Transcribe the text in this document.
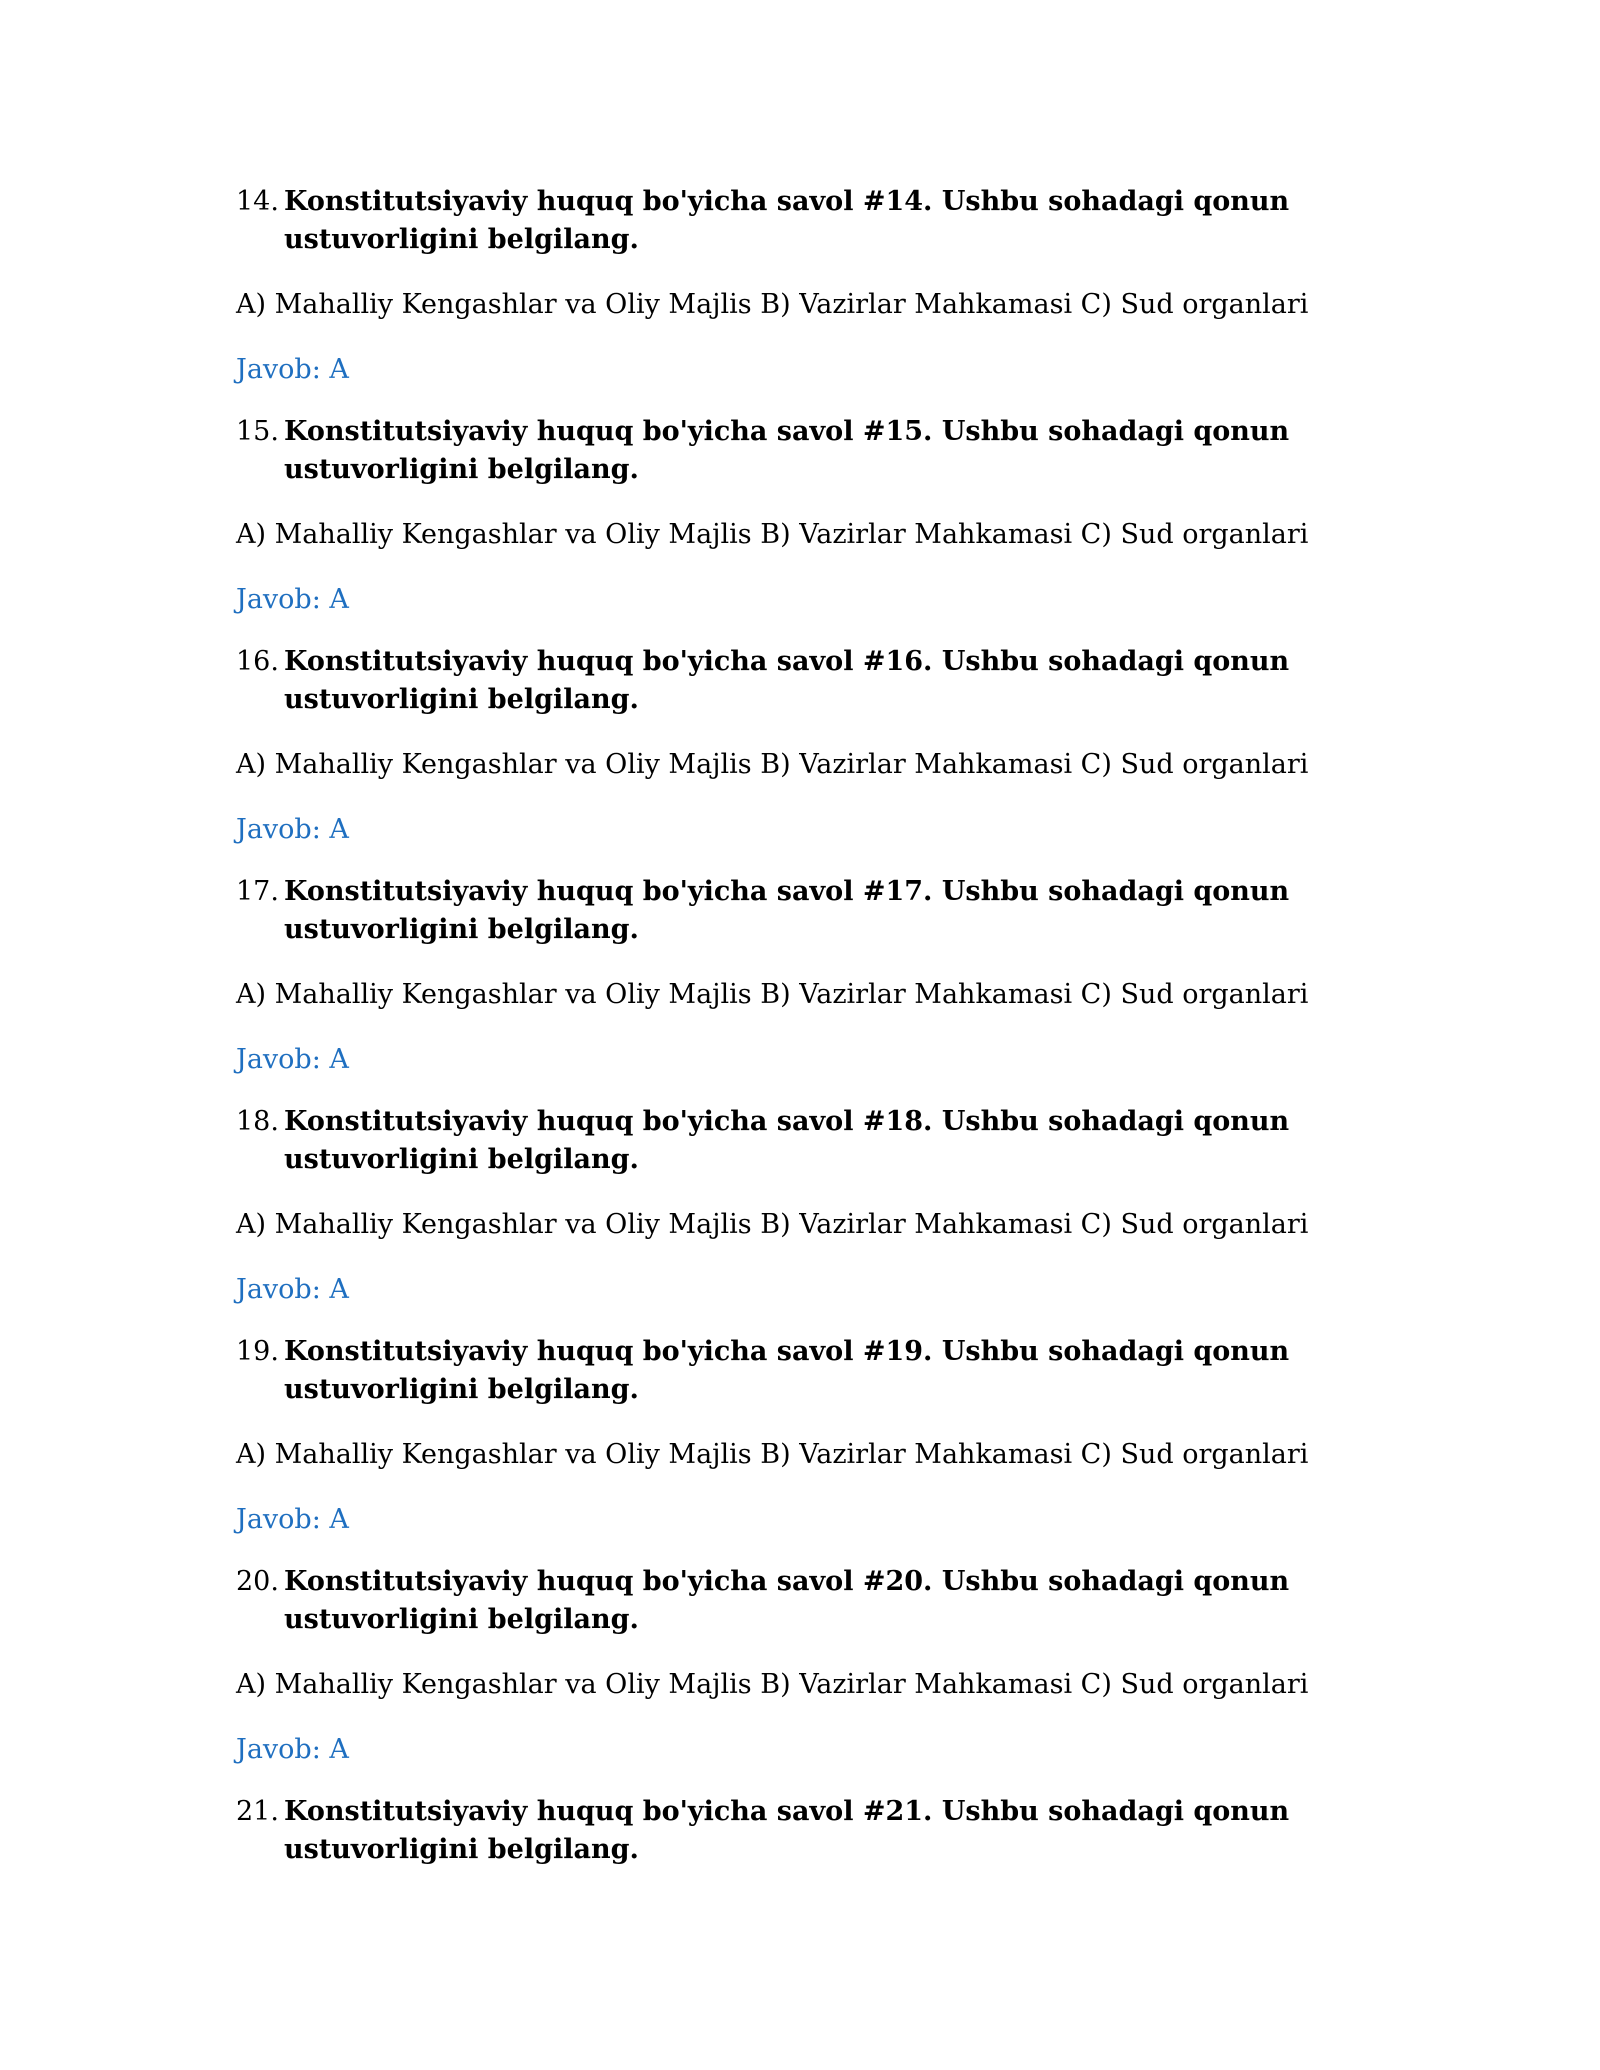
14. Konstitutsiyaviy huquq bo'yicha savol #14. Ushbu sohadagi qonun ustuvorligini belgilang.
A) Mahalliy Kengashlar va Oliy Majlis B) Vazirlar Mahkamasi C) Sud organlari
Javob: A
15. Konstitutsiyaviy huquq bo'yicha savol #15. Ushbu sohadagi qonun ustuvorligini belgilang.
A) Mahalliy Kengashlar va Oliy Majlis B) Vazirlar Mahkamasi C) Sud organlari
Javob: A
16. Konstitutsiyaviy huquq bo'yicha savol #16. Ushbu sohadagi qonun ustuvorligini belgilang.
A) Mahalliy Kengashlar va Oliy Majlis B) Vazirlar Mahkamasi C) Sud organlari
Javob: A
17. Konstitutsiyaviy huquq bo'yicha savol #17. Ushbu sohadagi qonun ustuvorligini belgilang.
A) Mahalliy Kengashlar va Oliy Majlis B) Vazirlar Mahkamasi C) Sud organlari
Javob: A
18. Konstitutsiyaviy huquq bo'yicha savol #18. Ushbu sohadagi qonun ustuvorligini belgilang.
A) Mahalliy Kengashlar va Oliy Majlis B) Vazirlar Mahkamasi C) Sud organlari
Javob: A
19. Konstitutsiyaviy huquq bo'yicha savol #19. Ushbu sohadagi qonun ustuvorligini belgilang.
A) Mahalliy Kengashlar va Oliy Majlis B) Vazirlar Mahkamasi C) Sud organlari
Javob: A
20. Konstitutsiyaviy huquq bo'yicha savol #20. Ushbu sohadagi qonun ustuvorligini belgilang.
A) Mahalliy Kengashlar va Oliy Majlis B) Vazirlar Mahkamasi C) Sud organlari
Javob: A
21. Konstitutsiyaviy huquq bo'yicha savol #21. Ushbu sohadagi qonun ustuvorligini belgilang.
